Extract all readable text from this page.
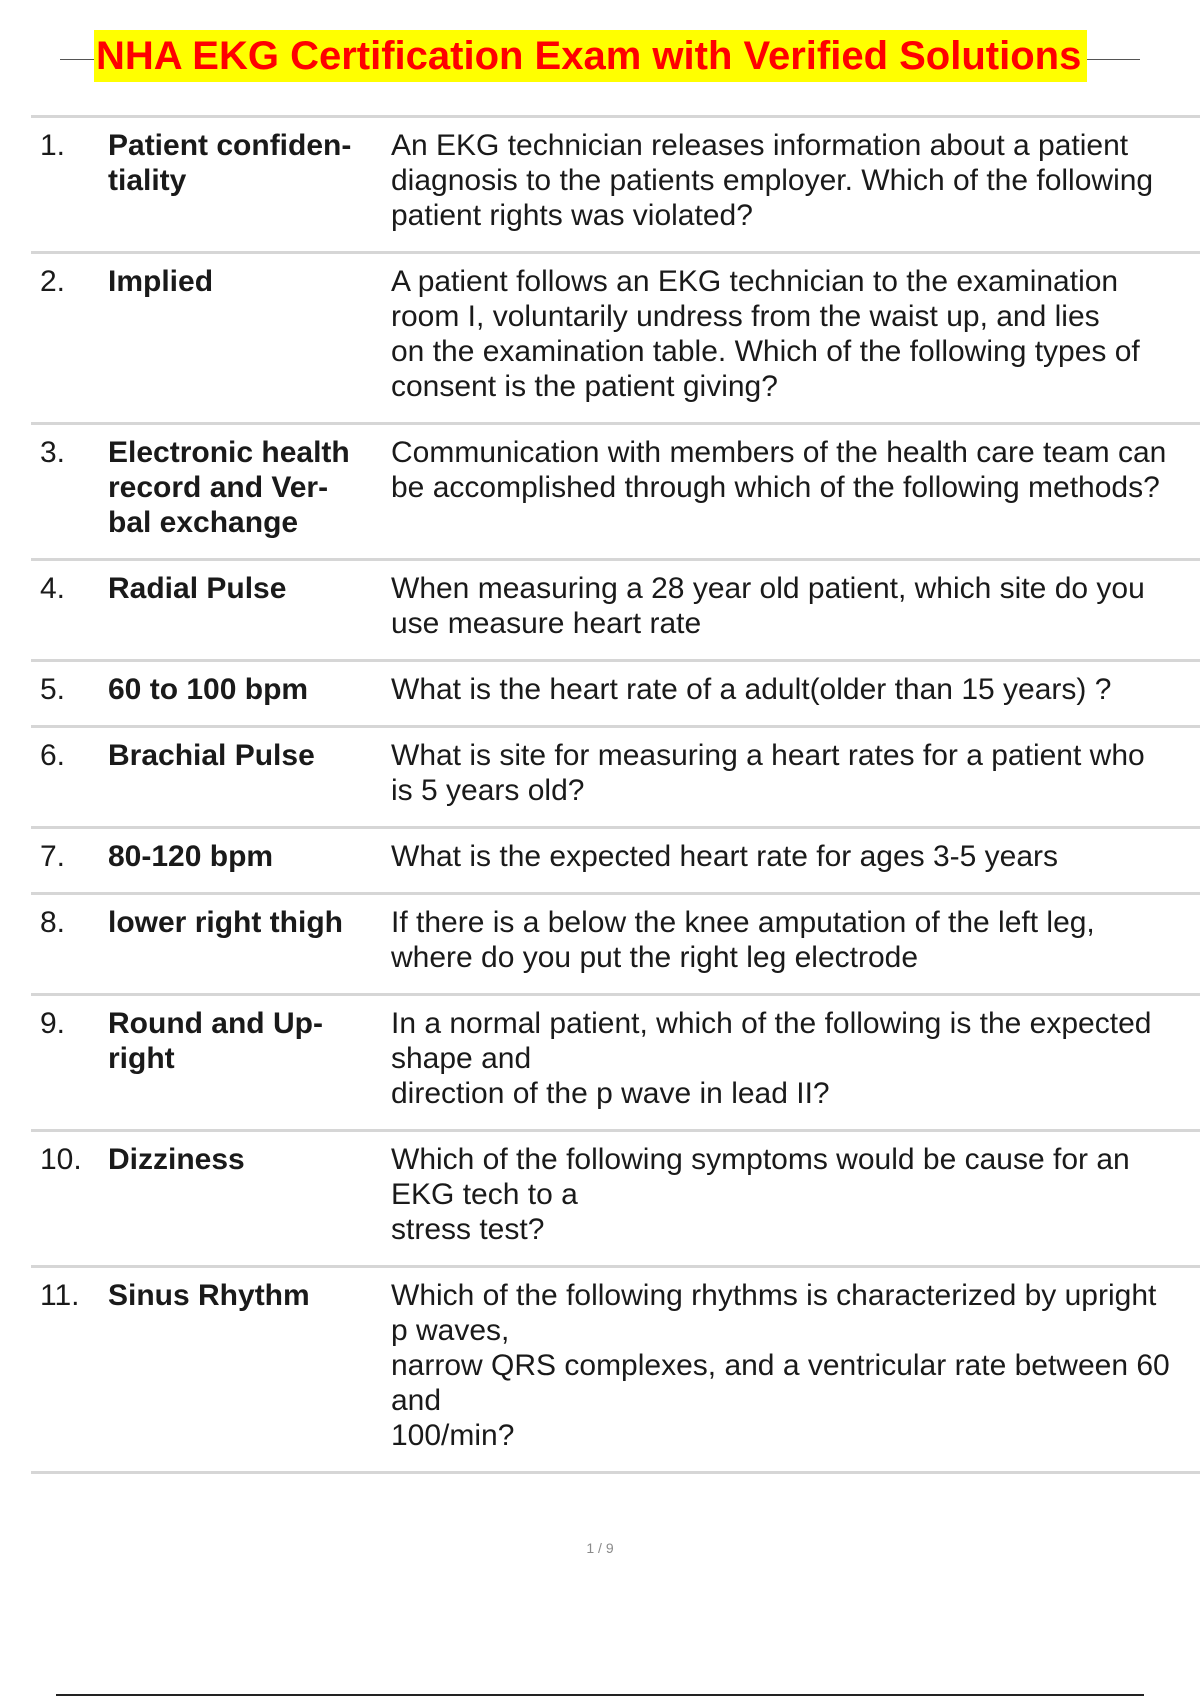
NHA EKG Certification Exam with Verified Solutions
1.	Patient confiden-
tiality	An EKG technician releases information about a patient
diagnosis to the patients employer. Which of the following
patient rights was violated?

2.	Implied	A patient follows an EKG technician to the examination
room I, voluntarily undress from the waist up, and lies
on the examination table. Which of the following types of
consent is the patient giving?

3.	Electronic health
record and Ver-
bal exchange	Communication with members of the health care team can
be accomplished through which of the following methods?

4.	Radial Pulse	When measuring a 28 year old patient, which site do you
use measure heart rate

5.	60 to 100 bpm	What is the heart rate of a adult(older than 15 years) ?

6.	Brachial Pulse	What is site for measuring a heart rates for a patient who
is 5 years old?

7.	80-120 bpm	What is the expected heart rate for ages 3-5 years

8.	lower right thigh	If there is a below the knee amputation of the left leg,
where do you put the right leg electrode

9.	Round and Up-
right	In a normal patient, which of the following is the expected
shape and
direction of the p wave in lead II?

10.	Dizziness	Which of the following symptoms would be cause for an
EKG tech to a
stress test?

11.	Sinus Rhythm	Which of the following rhythms is characterized by upright
p waves,
narrow QRS complexes, and a ventricular rate between 60
and
100/min?
1 / 9
